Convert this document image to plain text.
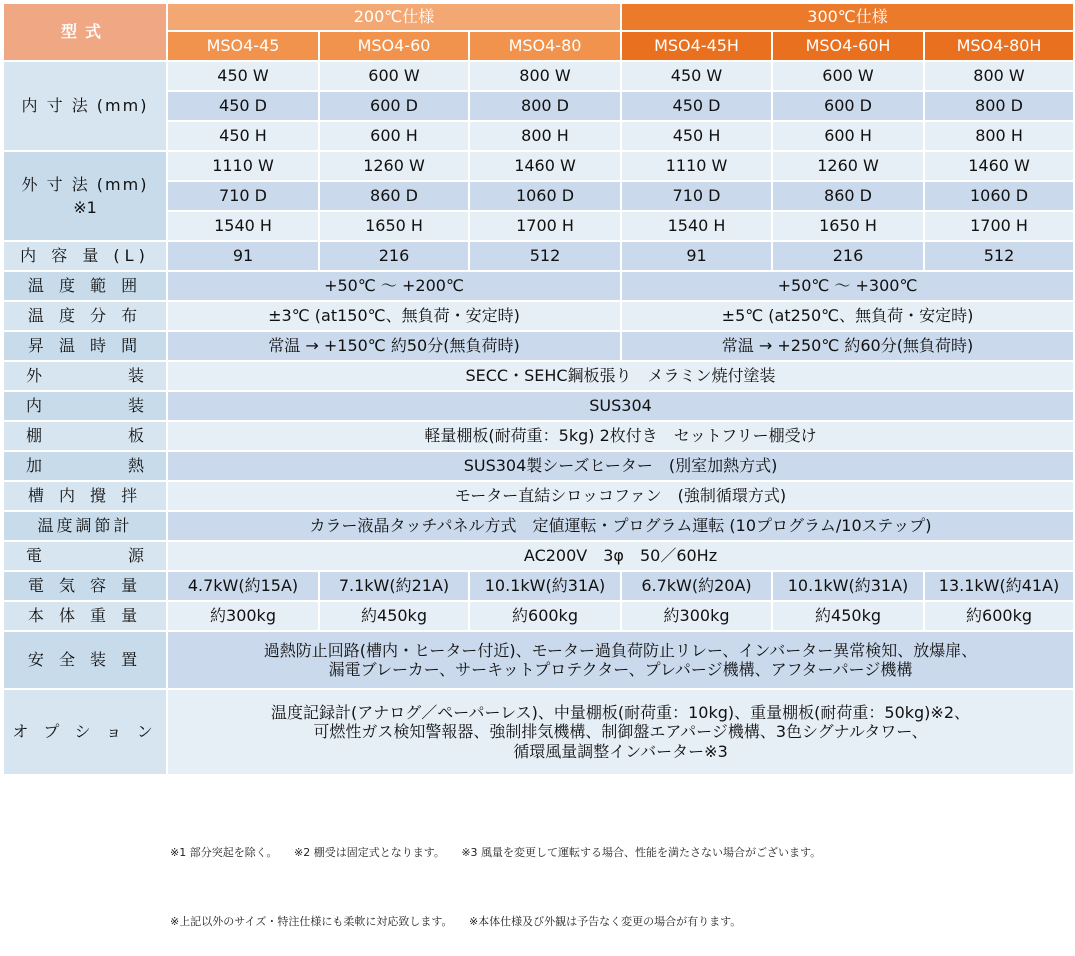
型式	200℃仕様			300℃仕様		
	MSO4-45	MSO4-60	MSO4-80	MSO4-45H	MSO4-60H	MSO4-80H
内 寸 法 (mm)	450 W	600 W	800 W	450 W	600 W	800 W
	450 D	600 D	800 D	450 D	600 D	800 D
	450 H	600 H	800 H	450 H	600 H	800 H

外 寸 法 (mm)
※1	1110 W	1260 W	1460 W	1110 W	1260 W	1460 W
	710 D	860 D	1060 D	710 D	860 D	1060 D
	1540 H	1650 H	1700 H	1540 H	1650 H	1700 H
内 容 量 (L)	91	216	512	91	216	512
温 度 範 囲	+50℃ ～ +200℃			+50℃ ～ +300℃		
温 度 分 布	±3℃ (at150℃、無負荷・安定時)			±5℃ (at250℃、無負荷・安定時)		
昇 温 時 間	常温 → +150℃ 約50分(無負荷時)			常温 → +250℃ 約60分(無負荷時)		

外 装	SECC・SEHC鋼板張り　メラミン焼付塗装					

内 装	SUS304					

棚 板	軽量棚板(耐荷重：5kg) 2枚付き　セットフリー棚受け					

加 熱	SUS304製シーズヒーター　(別室加熱方式)					
槽 内 攪 拌	モーター直結シロッコファン　(強制循環方式)					
温度調節計	カラー液晶タッチパネル方式　定値運転・プログラム運転 (10プログラム/10ステップ)					

電 源	AC200V　3φ　50／60Hz					
電 気 容 量	4.7kW(約15A)	7.1kW(約21A)	10.1kW(約31A)	6.7kW(約20A)	10.1kW(約31A)	13.1kW(約41A)
本 体 重 量	約300kg	約450kg	約600kg	約300kg	約450kg	約600kg
安 全 装 置	過熱防止回路(槽内・ヒーター付近)、モーター過負荷防止リレー、インバーター異常検知、放爆扉、
漏電ブレーカー、サーキットプロテクター、プレパージ機構、アフターパージ機構					

オ プ シ ョ ン	温度記録計(アナログ／ペーパーレス)、中量棚板(耐荷重：10kg)、重量棚板(耐荷重：50kg)※2、
可燃性ガス検知警報器、強制排気機構、制御盤エアパージ機構、3色シグナルタワー、
循環風量調整インバーター※3					

※1 部分突起を除く。　　※2 棚受は固定式となります。　　※3 風量を変更して運転する場合、性能を満たさない場合がございます。

※上記以外のサイズ・特注仕様にも柔軟に対応致します。　　※本体仕様及び外観は予告なく変更の場合が有ります。
